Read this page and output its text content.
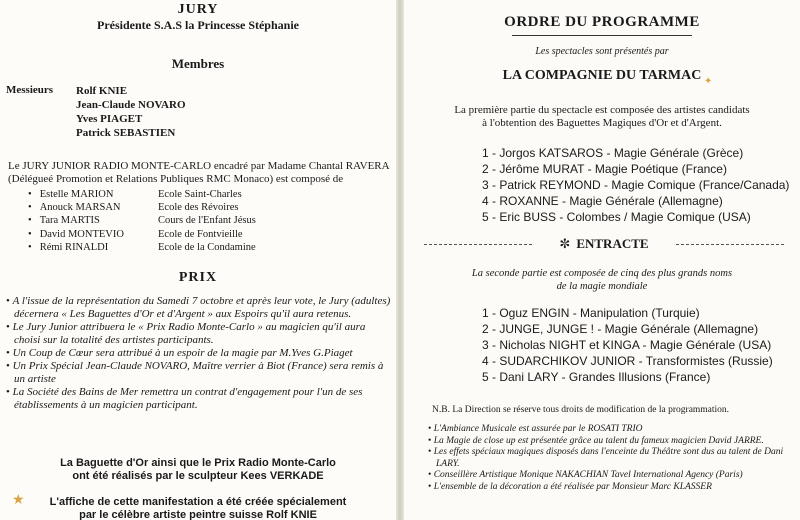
JURY
Présidente S.A.S la Princesse Stéphanie
Membres
Messieurs Rolf KNIE
Jean-Claude NOVARO
Yves PIAGET
Patrick SEBASTIEN
Le JURY JUNIOR RADIO MONTE-CARLO encadré par Madame Chantal RAVERA (Délégueé Promotion et Relations Publiques RMC Monaco) est composé de
• Estelle MARION	Ecole Saint-Charles
• Anouck MARSAN	Ecole des Révoires
• Tara MARTIS	Cours de l'Enfant Jésus
• David MONTEVIO	Ecole de Fontvieille
• Rémi RINALDI	Ecole de la Condamine
PRIX
• A l'issue de la représentation du Samedi 7 octobre et après leur vote, le Jury (adultes) décernera « Les Baguettes d'Or et d'Argent » aux Espoirs qu'il aura retenus.
• Le Jury Junior attribuera le « Prix Radio Monte-Carlo » au magicien qu'il aura choisi sur la totalité des artistes participants.
• Un Coup de Cœur sera attribué à un espoir de la magie par M.Yves G.Piaget
• Un Prix Spécial Jean-Claude NOVARO, Maître verrier à Biot (France) sera remis à un artiste
• La Société des Bains de Mer remettra un contrat d'engagement pour l'un de ses établissements à un magicien participant.
La Baguette d'Or ainsi que le Prix Radio Monte-Carlo
ont été réalisés par le sculpteur Kees VERKADE
L'affiche de cette manifestation a été créée spécialement
par le célèbre artiste peintre suisse Rolf KNIE
★
ORDRE DU PROGRAMME
Les spectacles sont présentés par
LA COMPAGNIE DU TARMAC ✦
La première partie du spectacle est composée des artistes candidats
à l'obtention des Baguettes Magiques d'Or et d'Argent.
1 - Jorgos KATSAROS - Magie Générale (Grèce)
2 - Jérôme MURAT - Magie Poétique (France)
3 - Patrick REYMOND - Magie Comique (France/Canada)
4 - ROXANNE - Magie Générale (Allemagne)
5 - Eric BUSS - Colombes / Magie Comique (USA)
✼ ENTRACTE
La seconde partie est composée de cinq des plus grands noms
de la magie mondiale
1 - Oguz ENGIN - Manipulation (Turquie)
2 - JUNGE, JUNGE ! - Magie Générale (Allemagne)
3 - Nicholas NIGHT et KINGA - Magie Générale (USA)
4 - SUDARCHIKOV JUNIOR - Transformistes (Russie)
5 - Dani LARY - Grandes Illusions (France)
N.B. La Direction se réserve tous droits de modification de la programmation.
• L'Ambiance Musicale est assurée par le ROSATI TRIO
• La Magie de close up est présentée grâce au talent du fameux magicien David JARRE.
• Les effets spéciaux magiques disposés dans l'enceinte du Théâtre sont dus au talent de Dani LARY.
• Conseillère Artistique Monique NAKACHIAN Tavel International Agency (Paris)
• L'ensemble de la décoration a été réalisée par Monsieur Marc KLASSER
